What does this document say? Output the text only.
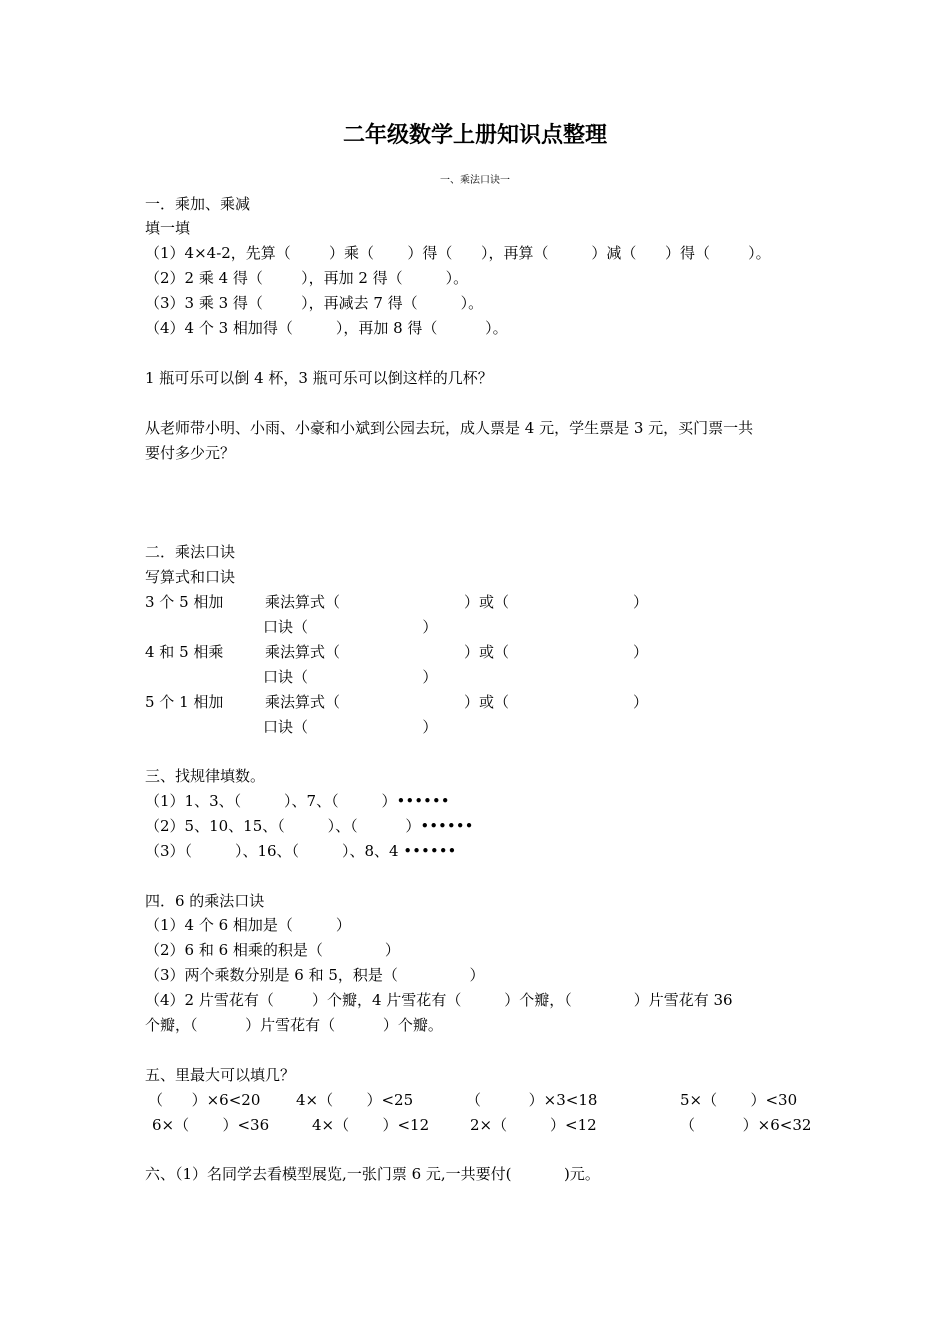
二年级数学上册知识点整理
一、乘法口诀一
一．乘加、乘减
填一填
（1）4×4-2，先算（        ）乘（       ）得（      ），再算（         ）减（      ）得（        ）。
（2）2 乘 4 得（        ），再加 2 得（         ）。
（3）3 乘 3 得（        ），再减去 7 得（         ）。
（4）4 个 3 相加得（         ），再加 8 得（          ）。
1 瓶可乐可以倒 4 杯，3 瓶可乐可以倒这样的几杯？
从老师带小明、小雨、小豪和小斌到公园去玩，成人票是 4 元，学生票是 3 元，买门票一共
要付多少元？
二．乘法口诀
写算式和口诀
3 个 5 相加	乘法算式（                          ）或（                          ）
口诀（                        ）
4 和 5 相乘	乘法算式（                          ）或（                          ）
口诀（                        ）
5 个 1 相加	乘法算式（                          ）或（                          ）
口诀（                        ）
三、找规律填数。
（1）1、3、（         ）、7、（         ）••••••
（2）5、10、15、（         ）、（          ）••••••
（3）（         ）、16、（         ）、8、4 ••••••
四．6 的乘法口诀
（1）4 个 6 相加是（         ）
（2）6 和 6 相乘的积是（             ）
（3）两个乘数分别是 6 和 5，积是（               ）
（4）2 片雪花有（        ）个瓣，4 片雪花有（         ）个瓣，（             ）片雪花有 36
个瓣，（          ）片雪花有（          ）个瓣。
五、里最大可以填几？
（      ）×6<20 4×（       ）<25	（          ）×3<18	5×（       ）<30
6×（       ）<36	4×（       ）<12	2×（         ）<12	（          ）×6<32
六、（1）名同学去看模型展览,一张门票 6 元,一共要付(           )元。
